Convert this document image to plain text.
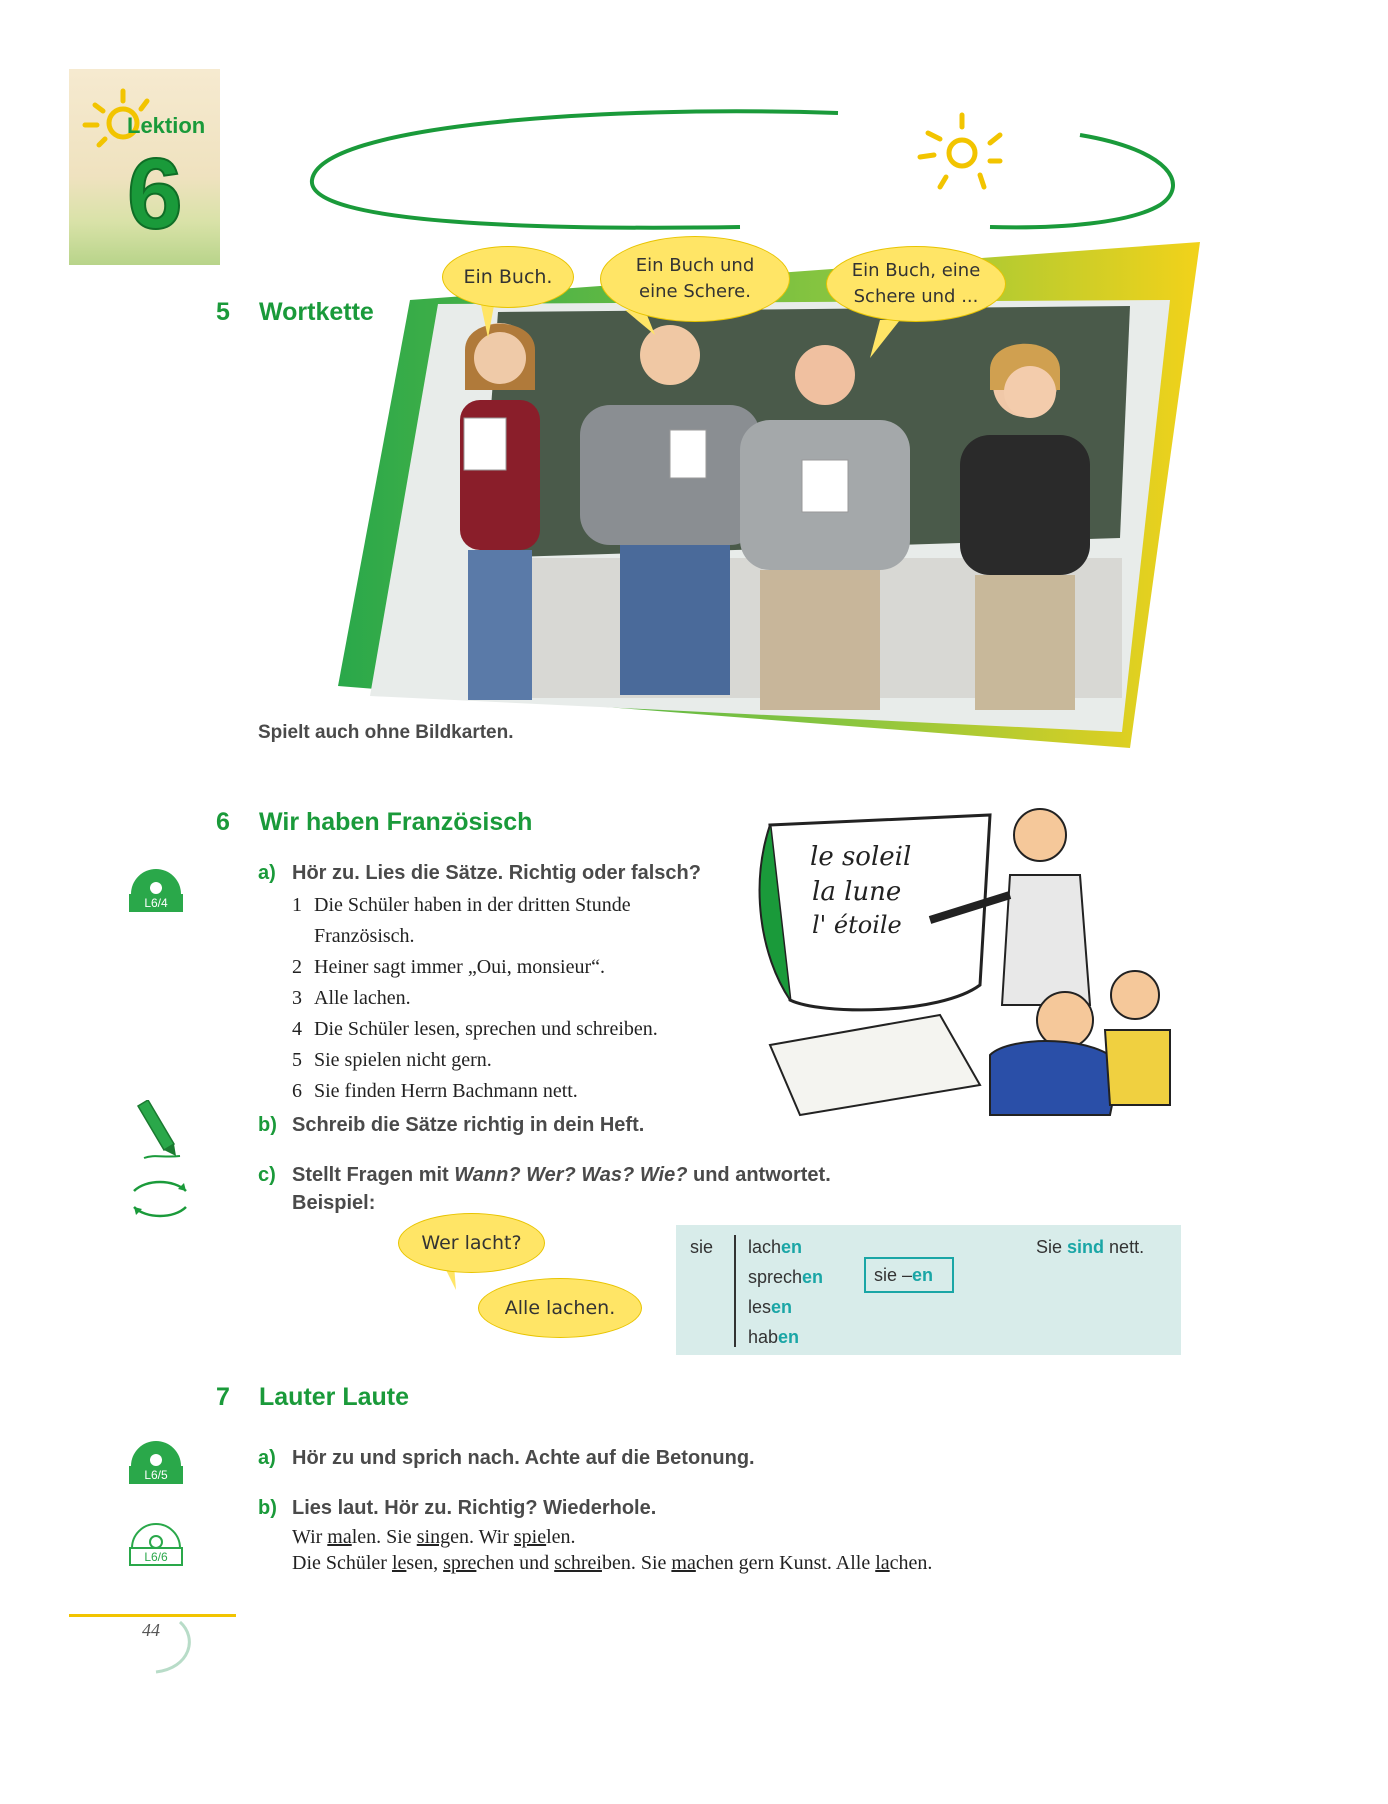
Lektion
6
5 Wortkette
Ein Buch.
Ein Buch und eine Schere.
Ein Buch, eine Schere und ...
Spielt auch ohne Bildkarten.
6 Wir haben Französisch
L6/4
a) Hör zu. Lies die Sätze. Richtig oder falsch?
1 Die Schüler haben in der dritten Stunde
Französisch.
2 Heiner sagt immer „Oui, monsieur“.
3 Alle lachen.
4 Die Schüler lesen, sprechen und schreiben.
5 Sie spielen nicht gern.
6 Sie finden Herrn Bachmann nett.
le soleil
la lune
l' étoile
b) Schreib die Sätze richtig in dein Heft.
c) Stellt Fragen mit Wann? Wer? Was? Wie? und antwortet.
Beispiel:
Wer lacht?
Alle lachen.
sie lachen
sprechen
lesen
haben
sie –en
Sie sind nett.
7 Lauter Laute
L6/5
a) Hör zu und sprich nach. Achte auf die Betonung.
L6/6
b) Lies laut. Hör zu. Richtig? Wiederhole.
Wir malen. Sie singen. Wir spielen.
Die Schüler lesen, sprechen und schreiben. Sie machen gern Kunst. Alle lachen.
44
